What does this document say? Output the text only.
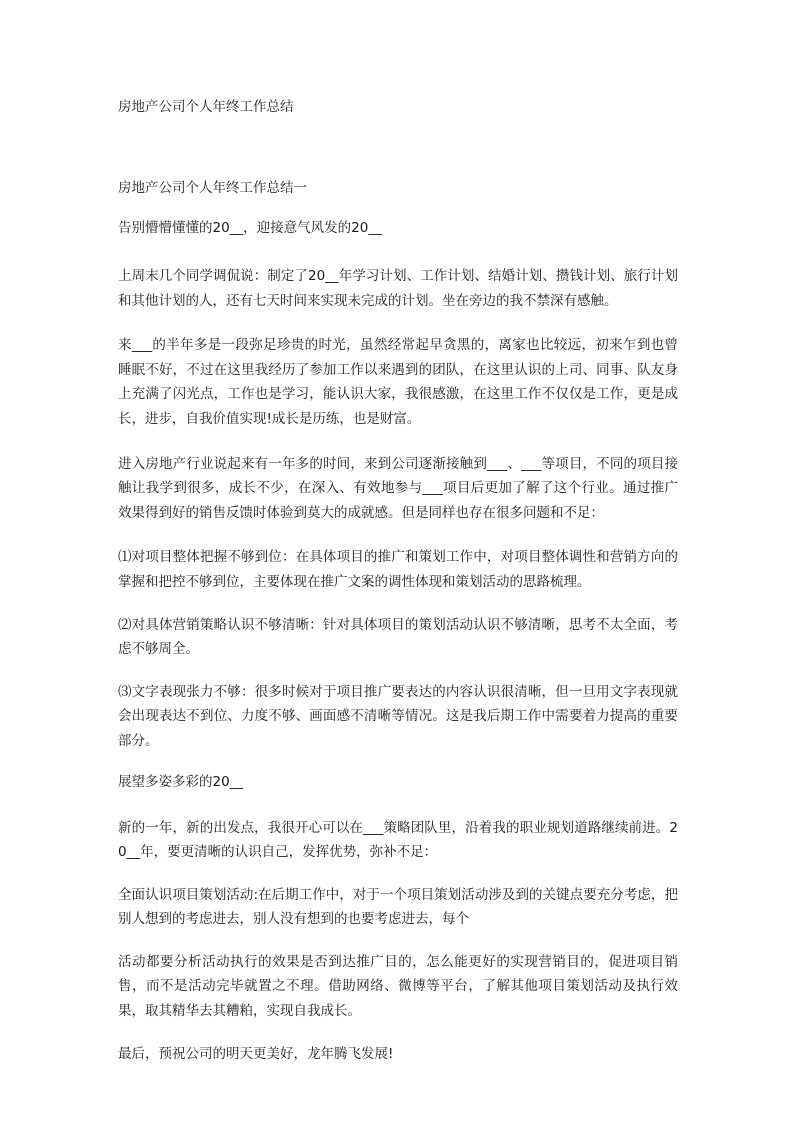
房地产公司个人年终工作总结

房地产公司个人年终工作总结一

告别懵懵懂懂的20__，迎接意气风发的20__

上周末几个同学调侃说：制定了20__年学习计划、工作计划、结婚计划、攒钱计划、旅行计划和其他计划的人，还有七天时间来实现未完成的计划。坐在旁边的我不禁深有感触。

来___的半年多是一段弥足珍贵的时光，虽然经常起早贪黑的，离家也比较远，初来乍到也曾睡眠不好，不过在这里我经历了参加工作以来遇到的团队，在这里认识的上司、同事、队友身上充满了闪光点，工作也是学习，能认识大家，我很感激，在这里工作不仅仅是工作，更是成长，进步，自我价值实现!成长是历练，也是财富。

进入房地产行业说起来有一年多的时间，来到公司逐渐接触到___、___等项目，不同的项目接触让我学到很多，成长不少，在深入、有效地参与___项目后更加了解了这个行业。通过推广效果得到好的销售反馈时体验到莫大的成就感。但是同样也存在很多问题和不足：

⑴对项目整体把握不够到位：在具体项目的推广和策划工作中，对项目整体调性和营销方向的掌握和把控不够到位，主要体现在推广文案的调性体现和策划活动的思路梳理。

⑵对具体营销策略认识不够清晰：针对具体项目的策划活动认识不够清晰，思考不太全面，考虑不够周全。

⑶文字表现张力不够：很多时候对于项目推广要表达的内容认识很清晰，但一旦用文字表现就会出现表达不到位、力度不够、画面感不清晰等情况。这是我后期工作中需要着力提高的重要部分。

展望多姿多彩的20__

新的一年，新的出发点，我很开心可以在___策略团队里，沿着我的职业规划道路继续前进。20__年，要更清晰的认识自己，发挥优势，弥补不足：

全面认识项目策划活动:在后期工作中，对于一个项目策划活动涉及到的关键点要充分考虑，把别人想到的考虑进去，别人没有想到的也要考虑进去，每个

活动都要分析活动执行的效果是否到达推广目的，怎么能更好的实现营销目的，促进项目销售，而不是活动完毕就置之不理。借助网络、微博等平台，了解其他项目策划活动及执行效果，取其精华去其糟粕，实现自我成长。

最后，预祝公司的明天更美好，龙年腾飞发展!
